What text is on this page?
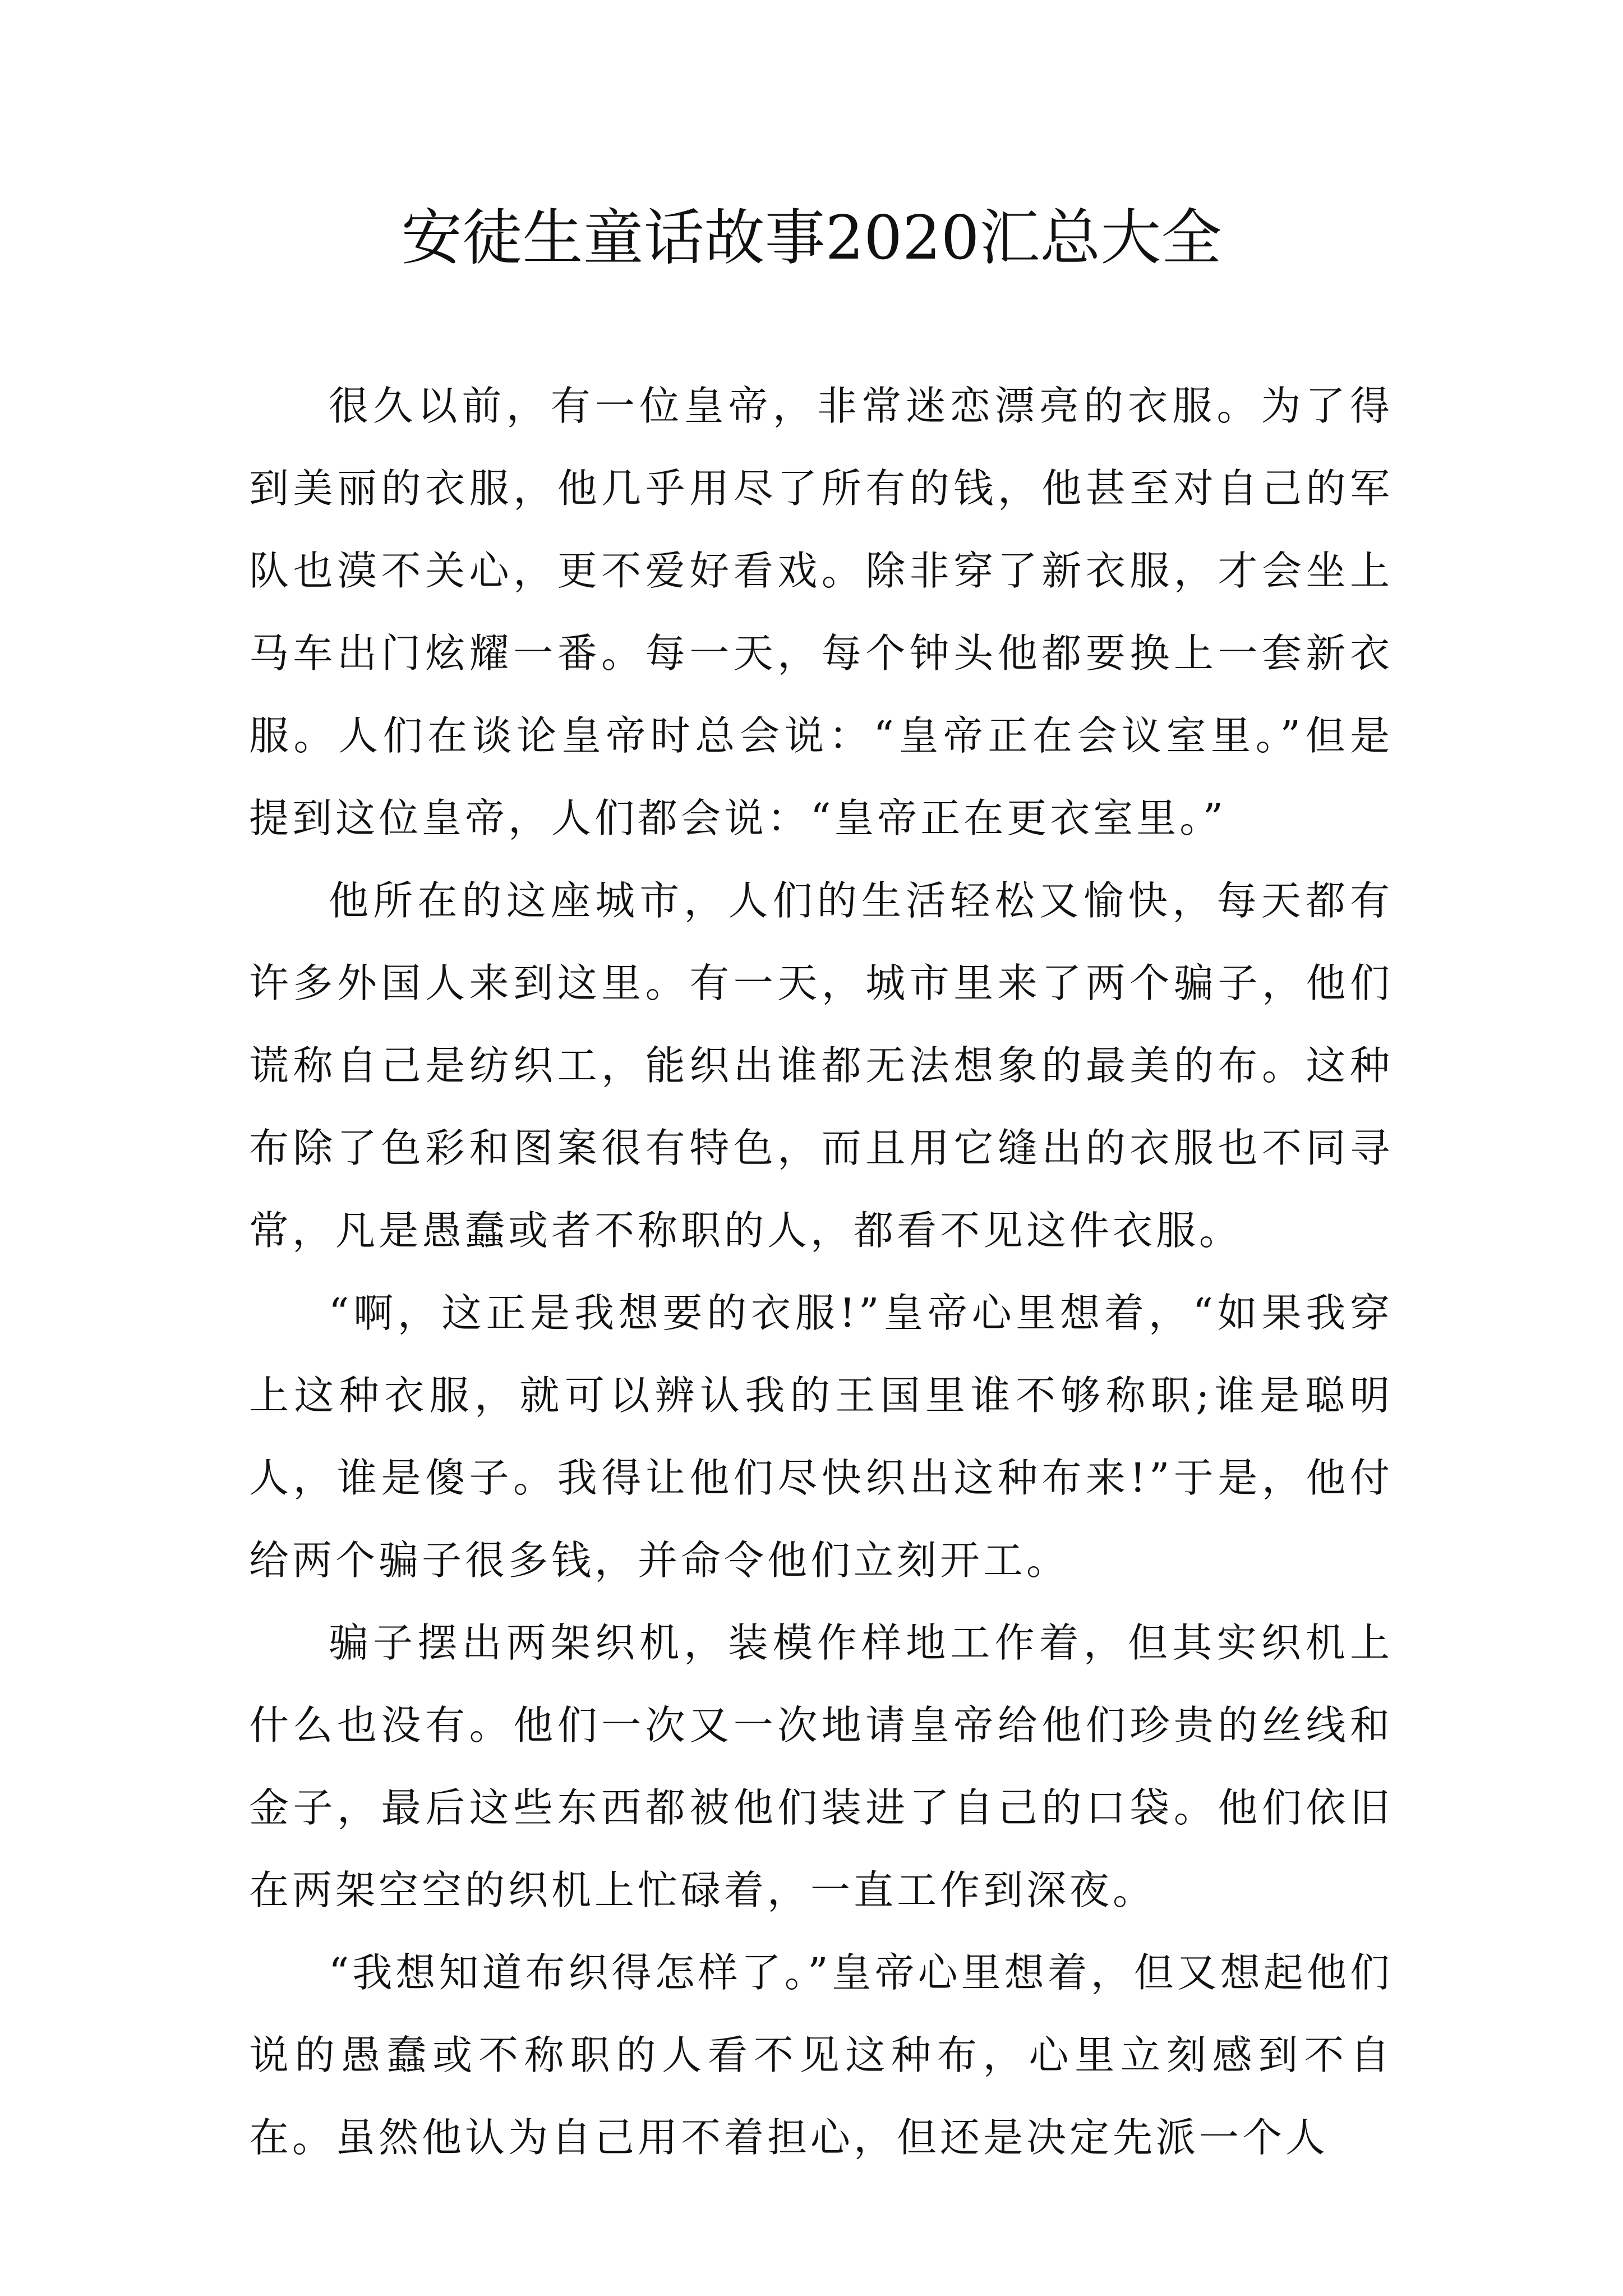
安徒生童话故事2020汇总大全

很久以前，有一位皇帝，非常迷恋漂亮的衣服。为了得到美丽的衣服，他几乎用尽了所有的钱，他甚至对自己的军队也漠不关心，更不爱好看戏。除非穿了新衣服，才会坐上马车出门炫耀一番。每一天，每个钟头他都要换上一套新衣服。人们在谈论皇帝时总会说：“皇帝正在会议室里。”但是提到这位皇帝，人们都会说：“皇帝正在更衣室里。”

他所在的这座城市，人们的生活轻松又愉快，每天都有许多外国人来到这里。有一天，城市里来了两个骗子，他们谎称自己是纺织工，能织出谁都无法想象的最美的布。这种布除了色彩和图案很有特色，而且用它缝出的衣服也不同寻常，凡是愚蠢或者不称职的人，都看不见这件衣服。

“啊，这正是我想要的衣服!”皇帝心里想着，“如果我穿上这种衣服，就可以辨认我的王国里谁不够称职;谁是聪明人，谁是傻子。我得让他们尽快织出这种布来!”于是，他付给两个骗子很多钱，并命令他们立刻开工。

骗子摆出两架织机，装模作样地工作着，但其实织机上什么也没有。他们一次又一次地请皇帝给他们珍贵的丝线和金子，最后这些东西都被他们装进了自己的口袋。他们依旧在两架空空的织机上忙碌着，一直工作到深夜。

“我想知道布织得怎样了。”皇帝心里想着，但又想起他们说的愚蠢或不称职的人看不见这种布，心里立刻感到不自在。虽然他认为自己用不着担心，但还是决定先派一个人
